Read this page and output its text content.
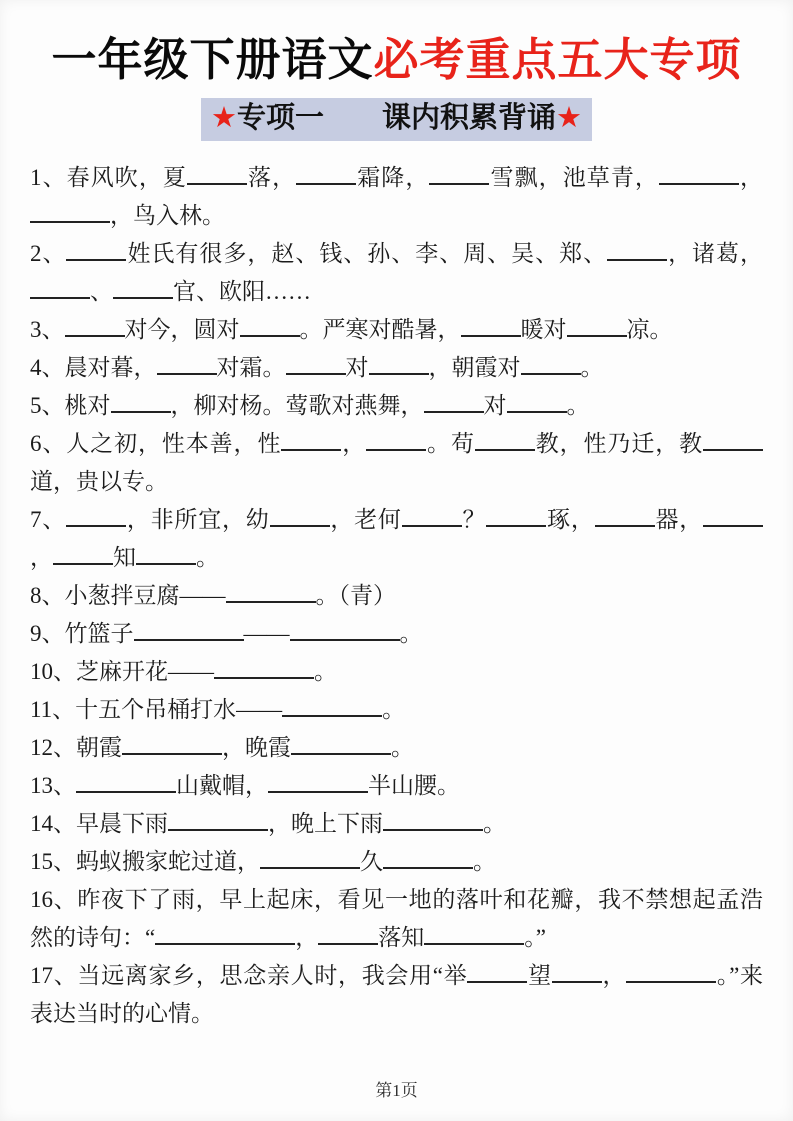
一年级下册语文必考重点五大专项
★专项一　　课内积累背诵★

1、春风吹，夏	落，	霜降，	雪飘，池草青，	，，鸟入林。

2、	姓氏有很多，赵、钱、孙、李、周、吴、郑、	，诸葛，、	官、欧阳……

3、	对今，圆对	。严寒对酷暑，	暖对	凉。

4、晨对暮，	对霜。	对	，朝霞对	。

5、桃对	，柳对杨。莺歌对燕舞，	对	。

6、人之初，性本善，性	，	。苟	教，性乃迁，教道，贵以专。

7、	，非所宜，幼	，老何	？	琢，	器，，	知	。

8、小葱拌豆腐——	。（青）

9、竹篮子	——	。

10、芝麻开花——	。

11、十五个吊桶打水——	。

12、朝霞	，晚霞	。

13、	山戴帽，	半山腰。

14、早晨下雨	，晚上下雨	。

15、蚂蚁搬家蛇过道，	久	。

16、昨夜下了雨，早上起床，看见一地的落叶和花瓣，我不禁想起孟浩然的诗句：“	，	落知	。”

17、当远离家乡，思念亲人时，我会用“举	望 ，	。”来表达当时的心情。

第1页
